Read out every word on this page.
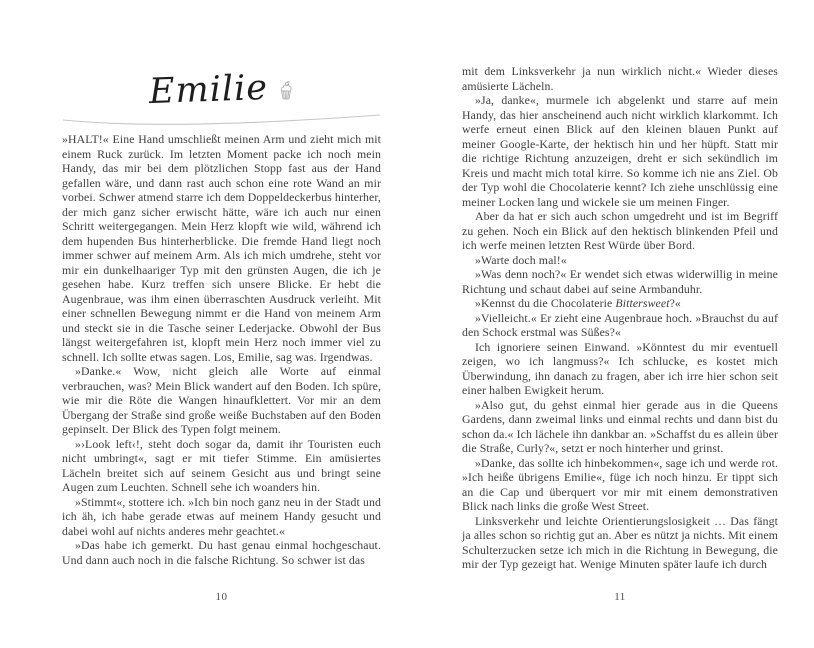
Emilie

»HALT!« Eine Hand umschließt meinen Arm und zieht mich mit einem Ruck zurück. Im letzten Moment packe ich noch mein Handy, das mir bei dem plötzlichen Stopp fast aus der Hand gefallen wäre, und dann rast auch schon eine rote Wand an mir vorbei. Schwer atmend starre ich dem Doppeldeckerbus hinterher, der mich ganz sicher erwischt hätte, wäre ich auch nur einen Schritt weitergegangen. Mein Herz klopft wie wild, während ich dem hupenden Bus hinterherblicke. Die fremde Hand liegt noch immer schwer auf meinem Arm. Als ich mich umdrehe, steht vor mir ein dunkelhaariger Typ mit den grünsten Augen, die ich je gesehen habe. Kurz treffen sich unsere Blicke. Er hebt die Augenbraue, was ihm einen überraschten Ausdruck verleiht. Mit einer schnellen Bewegung nimmt er die Hand von meinem Arm und steckt sie in die Tasche seiner Lederjacke. Obwohl der Bus längst weitergefahren ist, klopft mein Herz noch immer viel zu schnell. Ich sollte etwas sagen. Los, Emilie, sag was. Irgendwas.

»Danke.« Wow, nicht gleich alle Worte auf einmal verbrauchen, was? Mein Blick wandert auf den Boden. Ich spüre, wie mir die Röte die Wangen hinaufklettert. Vor mir an dem Übergang der Straße sind große weiße Buchstaben auf den Boden gepinselt. Der Blick des Typen folgt meinem.

»›Look left‹!, steht doch sogar da, damit ihr Touristen euch nicht umbringt«, sagt er mit tiefer Stimme. Ein amüsiertes Lächeln breitet sich auf seinem Gesicht aus und bringt seine Augen zum Leuchten. Schnell sehe ich woanders hin.

»Stimmt«, stottere ich. »Ich bin noch ganz neu in der Stadt und ich äh, ich habe gerade etwas auf meinem Handy gesucht und dabei wohl auf nichts anderes mehr geachtet.«

»Das habe ich gemerkt. Du hast genau einmal hochgeschaut. Und dann auch noch in die falsche Richtung. So schwer ist das

mit dem Linksverkehr ja nun wirklich nicht.« Wieder dieses amüsierte Lächeln.

»Ja, danke«, murmele ich abgelenkt und starre auf mein Handy, das hier anscheinend auch nicht wirklich klarkommt. Ich werfe erneut einen Blick auf den kleinen blauen Punkt auf meiner Google-Karte, der hektisch hin und her hüpft. Statt mir die richtige Richtung anzuzeigen, dreht er sich sekündlich im Kreis und macht mich total kirre. So komme ich nie ans Ziel. Ob der Typ wohl die Chocolaterie kennt? Ich ziehe unschlüssig eine meiner Locken lang und wickele sie um meinen Finger.

Aber da hat er sich auch schon umgedreht und ist im Begriff zu gehen. Noch ein Blick auf den hektisch blinkenden Pfeil und ich werfe meinen letzten Rest Würde über Bord.

»Warte doch mal!«

»Was denn noch?« Er wendet sich etwas widerwillig in meine Richtung und schaut dabei auf seine Armbanduhr.

»Kennst du die Chocolaterie Bittersweet?«

»Vielleicht.« Er zieht eine Augenbraue hoch. »Brauchst du auf den Schock erstmal was Süßes?«

Ich ignoriere seinen Einwand. »Könntest du mir eventuell zeigen, wo ich langmuss?« Ich schlucke, es kostet mich Überwindung, ihn danach zu fragen, aber ich irre hier schon seit einer halben Ewigkeit herum.

»Also gut, du gehst einmal hier gerade aus in die Queens Gardens, dann zweimal links und einmal rechts und dann bist du schon da.« Ich lächele ihn dankbar an. »Schaffst du es allein über die Straße, Curly?«, setzt er noch hinterher und grinst.

»Danke, das sollte ich hinbekommen«, sage ich und werde rot. »Ich heiße übrigens Emilie«, füge ich noch hinzu. Er tippt sich an die Cap und überquert vor mir mit einem demonstrativen Blick nach links die große West Street.

Linksverkehr und leichte Orientierungslosigkeit … Das fängt ja alles schon so richtig gut an. Aber es nützt ja nichts. Mit einem Schulterzucken setze ich mich in die Richtung in Bewegung, die mir der Typ gezeigt hat. Wenige Minuten später laufe ich durch

10	11
